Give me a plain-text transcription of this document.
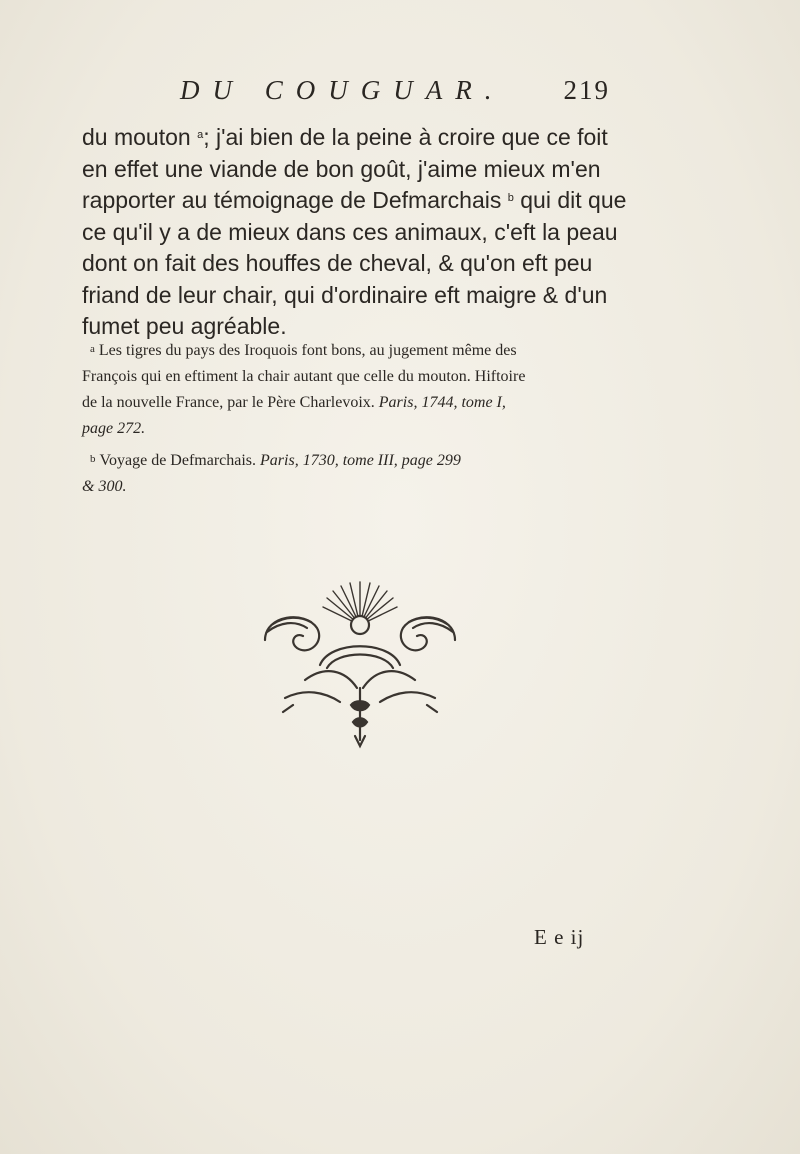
DU COUGUAR. 219
du mouton $^a$; j'ai bien de la peine à croire que ce foit
en effet une viande de bon goût, j'aime mieux m'en
rapporter au témoignage de Defmarchais $^b$ qui dit que
ce qu'il y a de mieux dans ces animaux, c'eft la peau
dont on fait des houffes de cheval, & qu'on eft peu
friand de leur chair, qui d'ordinaire eft maigre & d'un
fumet peu agréable.
$^a$ Les tigres du pays des Iroquois font bons, au jugement même des
François qui en eftiment la chair autant que celle du mouton. Hiftoire
de la nouvelle France, par le Père Charlevoix. Paris, 1744, tome I,
page 272.
$^b$ Voyage de Defmarchais. Paris, 1730, tome III, page 299
& 300.
E e ij
